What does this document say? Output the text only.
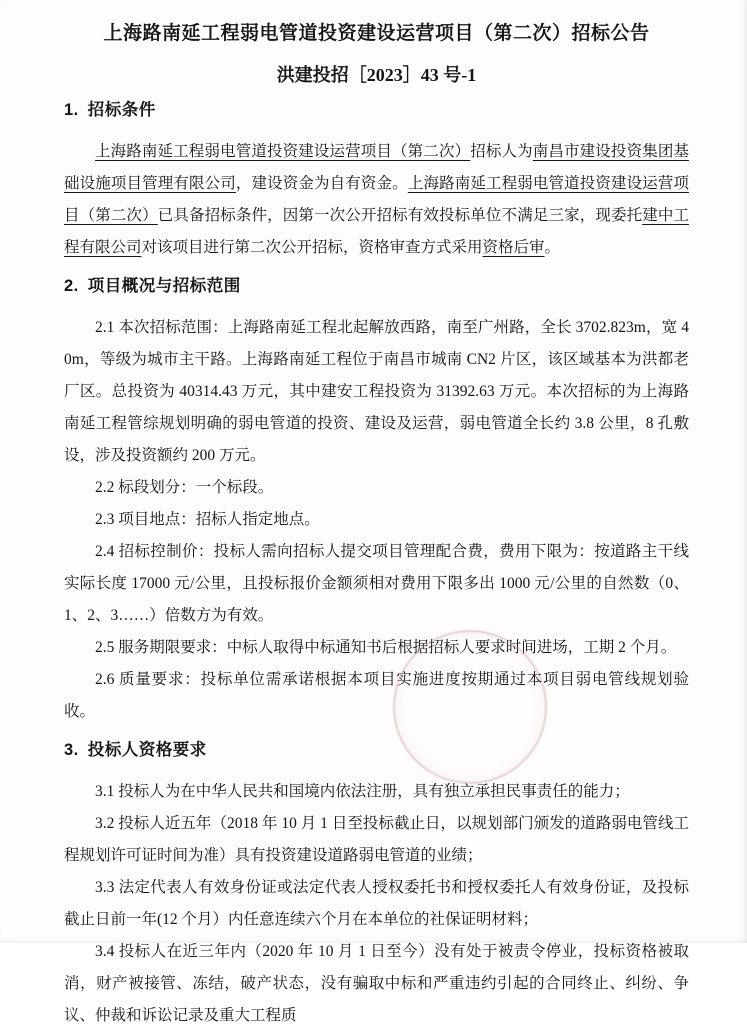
上海路南延工程弱电管道投资建设运营项目（第二次）招标公告
洪建投招［2023］43 号-1
1. 招标条件

上海路南延工程弱电管道投资建设运营项目（第二次）招标人为南昌市建设投资集团基础设施项目管理有限公司，建设资金为自有资金。上海路南延工程弱电管道投资建设运营项目（第二次）已具备招标条件，因第一次公开招标有效投标单位不满足三家，现委托建中工程有限公司对该项目进行第二次公开招标，资格审查方式采用资格后审。

2. 项目概况与招标范围

2.1 本次招标范围：上海路南延工程北起解放西路，南至广州路，全长 3702.823m，宽 40m，等级为城市主干路。上海路南延工程位于南昌市城南 CN2 片区，该区域基本为洪都老厂区。总投资为 40314.43 万元，其中建安工程投资为 31392.63 万元。本次招标的为上海路南延工程管综规划明确的弱电管道的投资、建设及运营，弱电管道全长约 3.8 公里，8 孔敷设，涉及投资额约 200 万元。

2.2 标段划分：一个标段。

2.3 项目地点：招标人指定地点。

2.4 招标控制价：投标人需向招标人提交项目管理配合费，费用下限为：按道路主干线实际长度 17000 元/公里，且投标报价金额须相对费用下限多出 1000 元/公里的自然数（0、1、2、3……）倍数方为有效。

2.5 服务期限要求：中标人取得中标通知书后根据招标人要求时间进场，工期 2 个月。

2.6 质量要求：投标单位需承诺根据本项目实施进度按期通过本项目弱电管线规划验收。

3. 投标人资格要求

3.1 投标人为在中华人民共和国境内依法注册，具有独立承担民事责任的能力；

3.2 投标人近五年（2018 年 10 月 1 日至投标截止日，以规划部门颁发的道路弱电管线工程规划许可证时间为准）具有投资建设道路弱电管道的业绩；

3.3 法定代表人有效身份证或法定代表人授权委托书和授权委托人有效身份证，及投标截止日前一年(12 个月）内任意连续六个月在本单位的社保证明材料；

3.4 投标人在近三年内（2020 年 10 月 1 日至今）没有处于被责令停业，投标资格被取消，财产被接管、冻结，破产状态，没有骗取中标和严重违约引起的合同终止、纠纷、争议、仲裁和诉讼记录及重大工程质
